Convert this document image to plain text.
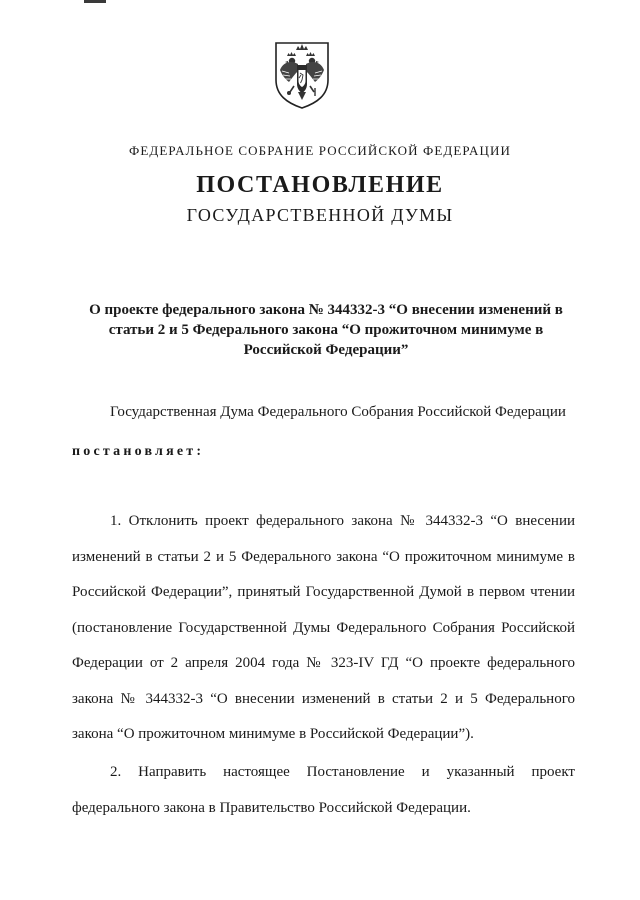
ФЕДЕРАЛЬНОЕ СОБРАНИЕ РОССИЙСКОЙ ФЕДЕРАЦИИ
ПОСТАНОВЛЕНИЕ
ГОСУДАРСТВЕННОЙ ДУМЫ
О проекте федерального закона № 344332-3 “О внесении изменений в
статьи 2 и 5 Федерального закона “О прожиточном минимуме в
Российской Федерации”
Государственная Дума Федерального Собрания Российской Федерации
постановляет:
1. Отклонить проект федерального закона № 344332-3 “О внесении
изменений в статьи 2 и 5 Федерального закона “О прожиточном минимуме в
Российской Федерации”, принятый Государственной Думой в первом чтении
(постановление Государственной Думы Федерального Собрания Российской
Федерации от 2 апреля 2004 года № 323-IV ГД “О проекте федерального
закона № 344332-3 “О внесении изменений в статьи 2 и 5 Федерального
закона “О прожиточном минимуме в Российской Федерации”).
2. Направить настоящее Постановление и указанный проект
федерального закона в Правительство Российской Федерации.
